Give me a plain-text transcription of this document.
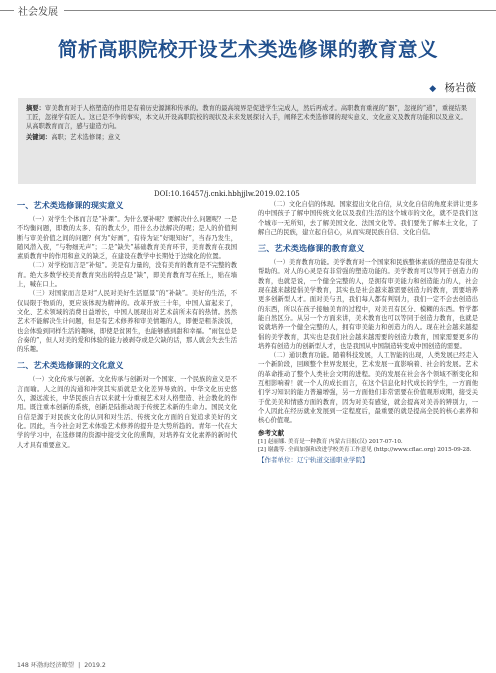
社会发展
简析高职院校开设艺术类选修课的教育意义
◆ 杨岩薇
摘要：审美教育对于人格塑造的作用是有着历史源渊和传承的。教育的最高境界是促进学生完成人，然后再成才。高职教育重视的“器”，忽视的“道”，重视结果工匠，忽视学有匠人。这已是不争的事实，本文从开设高职院校的现状及未来发展探讨入手，阐释艺术类选修课的现实意义、文化意义及教育功能和以及意义。从高职教育而言，感与建造方向。
关键词：高职；艺术选修课；意义
DOI:10.16457/j.cnki.hbhjjlw.2019.02.105
一、艺术类选修课的现实意义

（一）对学生个体而言是“补课”。为什么要补呢？要解决什么问题呢？一是不均衡问题，即教的太多、有的教太少，用什么办法解决的呢；是人的价值判断与审美价值之间的问题？何为“好画”，有待为证“好眼知好”，当春乃发生，随风潜入夜，“与物细无声”；二是“缺失”基础教育美育环节，美育教育在我国素质教育中的作用和意义的缺乏，在建设在教学中长期处于边缘化的位置。

（二）对学校而言是“补短”。美是有力量的，没有美育的教育是不完整的教育。绝大多数学校美育教育突出的特点是“缺”，即美育教育写在纸上，贴在墙上，喊在口上。

（三）对国家而言是对“人民对美好生活愿景”的“补缺”。美好的生活，不仅局限于物质的，更应该体现为精神的。改革开放三十年，中国人富起来了，文化、艺术领域的消费日益增长，中国人展现出对艺术前所未有的热情。然然艺术不能解决生计问题，但是有艺术修养和审美情趣的人，即便是粗茶淡饭，也会体验到同样生活的趣味，即使是贫困生，也能够感到甜和幸福。“雨包总是合奏的”，但人对美的爱和体验的能力被剥夺或是欠缺的话，那人就会失去生活的乐趣。

二、艺术类选修课的文化意义

（一）文化传承与创新。文化传承与创新对一个国家、一个民族的意义是不言而喻。人之间的沟通和冲突其实质就是文化差异导致的。中华文化历史悠久，源远流长，中华民族自古以来就十分重视艺术对人格塑造、社会教化的作用。既注重本创新的系统，创新是陆推动现于传统艺术新的生命力。国民文化自信是源于对民族文化的认同和对生活、传统文化方面的自觉追求美好的文化。因此，当今社会对艺术体验艺术修养的提升是大势所趋的。青年一代在大学的学习中，在选修课的资源中接受文化的熏陶，对培养有文化素养的新时代人才具有重要意义。

（二）文化自信的体现。国家提出文化自信，从文化自信的角度来讲让更多的中国孩子了解中国传统文化以及我们生活的这个城市的文化，就不是我们这个城市一无所知，去了解美国文化、法国文化等。我们要先了解本土文化，了解自己的民族，建立起自信心，从而实现民族自信、文化自信。

三、艺术类选修课的教育意义

（一）美育教育功能。美学教育对一个国家和民族整体素质的塑造是有很大帮助的。对人的心灵是有非常强的塑造功能的。美学教育可以等同于创造力的教育，也就是说，一个健全完整的人，是拥有审美能力和创造能力的人，社会现在越来越提倡美学教育，其实也是社会越来越需要创造力的教育，需要培养更多创新型人才。面对美与丑，我们每人都有判别力，我们一定不会去创造出的东西，所以在孩子接触美育的过程中，对美丑有区分、模糊的东西。哲学都能自然区分。从另一个方面来讲，美术教育也可以等同于创造力教育，也就是说就培养一个健全完整的人，拥有审美能力和创造力的人。现在社会越来越提倡的美学教育，其实也是我们社会越来越需要的创造力教育，国家需要更多的培养有创造力的创新型人才，也是我国从中国制造转变成中国创造的需要。

（二）通识教育功能。随着科技发展，人工智能的出现，人类发展已经走入一个新阶段，回顾整个世界发展史，艺术发展一直影响着、社会的发展。艺术的革命推动了整个人类社会文明的进程。美的发展在社会各个领域不断变化和互相影响着！就一个人的成长而言，在这个信息化时代成长的学生，一方面他们学习知识的能力普遍增强，另一方面他们非常需要在价值观形成期，接受关于优美美和情感方面的教育，因为对美有感觉，就会提高对美善的辨别力，一个人因此在经历就业发展到一定程度后，最重要的就是提高全民的核心素养和核心价值观。

参考文献
[1] 赵丽娜. 美育是一种教育 内蒙古日报(汉) 2017-07-10.
[2] 谢鑫等. 全面加强和改进学校美育工作意见 (http://www.cflac.org) 2015-09-28.
【作者单位：辽宁轨道交通职业学院】
148 环渤海经济瞭望 | 2019.2
